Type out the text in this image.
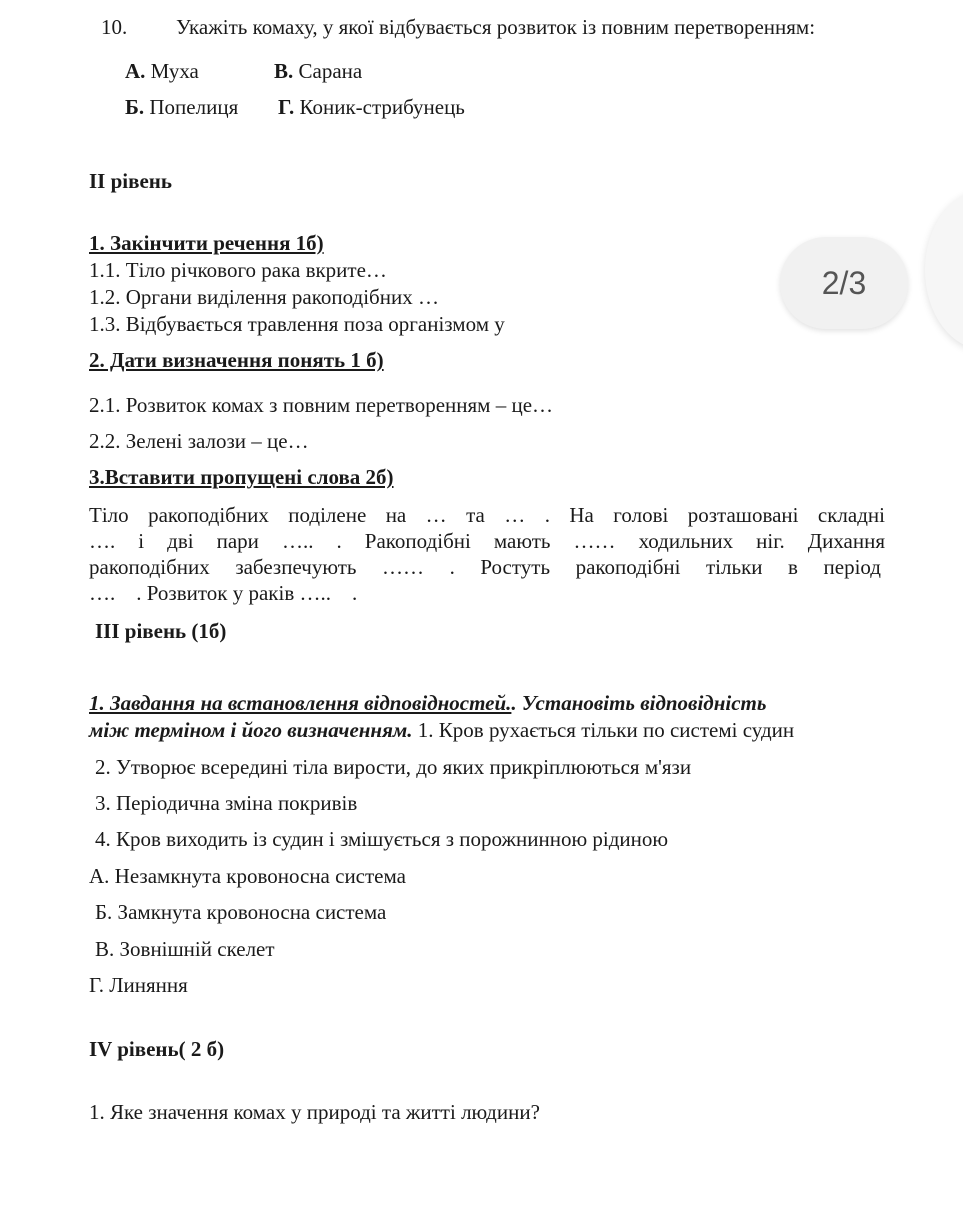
10. Укажіть комаху, у якої відбувається розвиток із повним перетворенням:
А. Муха	В. Сарана
Б. Попелиця Г. Коник-стрибунець
ІІ рівень
1. Закінчити речення 1б)
1.1. Тіло річкового рака вкрите…
1.2. Органи виділення ракоподібних …
1.3. Відбувається травлення поза організмом у
2. Дати визначення понять 1 б)
2.1. Розвиток комах з повним перетворенням – це…
2.2. Зелені залози – це…
3.Вставити пропущені слова 2б)
Тіло ракоподібних поділене на … та … . На голові розташовані складні
…. і дві пари ….. . Ракоподібні мають …… ходильних ніг. Дихання
ракоподібних забезпечують …… . Ростуть ракоподібні тільки в період
….    . Розвиток у раків …..    .
ІІІ рівень (1б)
1. Завдання на встановлення відповідностей.. Установіть відповідність
між терміном і його визначенням. 1. Кров рухається тільки по системі судин
2. Утворює всередині тіла вирости, до яких прикріплюються м'язи
3. Періодична зміна покривів
4. Кров виходить із судин і змішується з порожнинною рідиною
А. Незамкнута кровоносна система
Б. Замкнута кровоносна система
В. Зовнішній скелет
Г. Линяння
IV рівень( 2 б)
1. Яке значення комах у природі та житті людини?
2/3
